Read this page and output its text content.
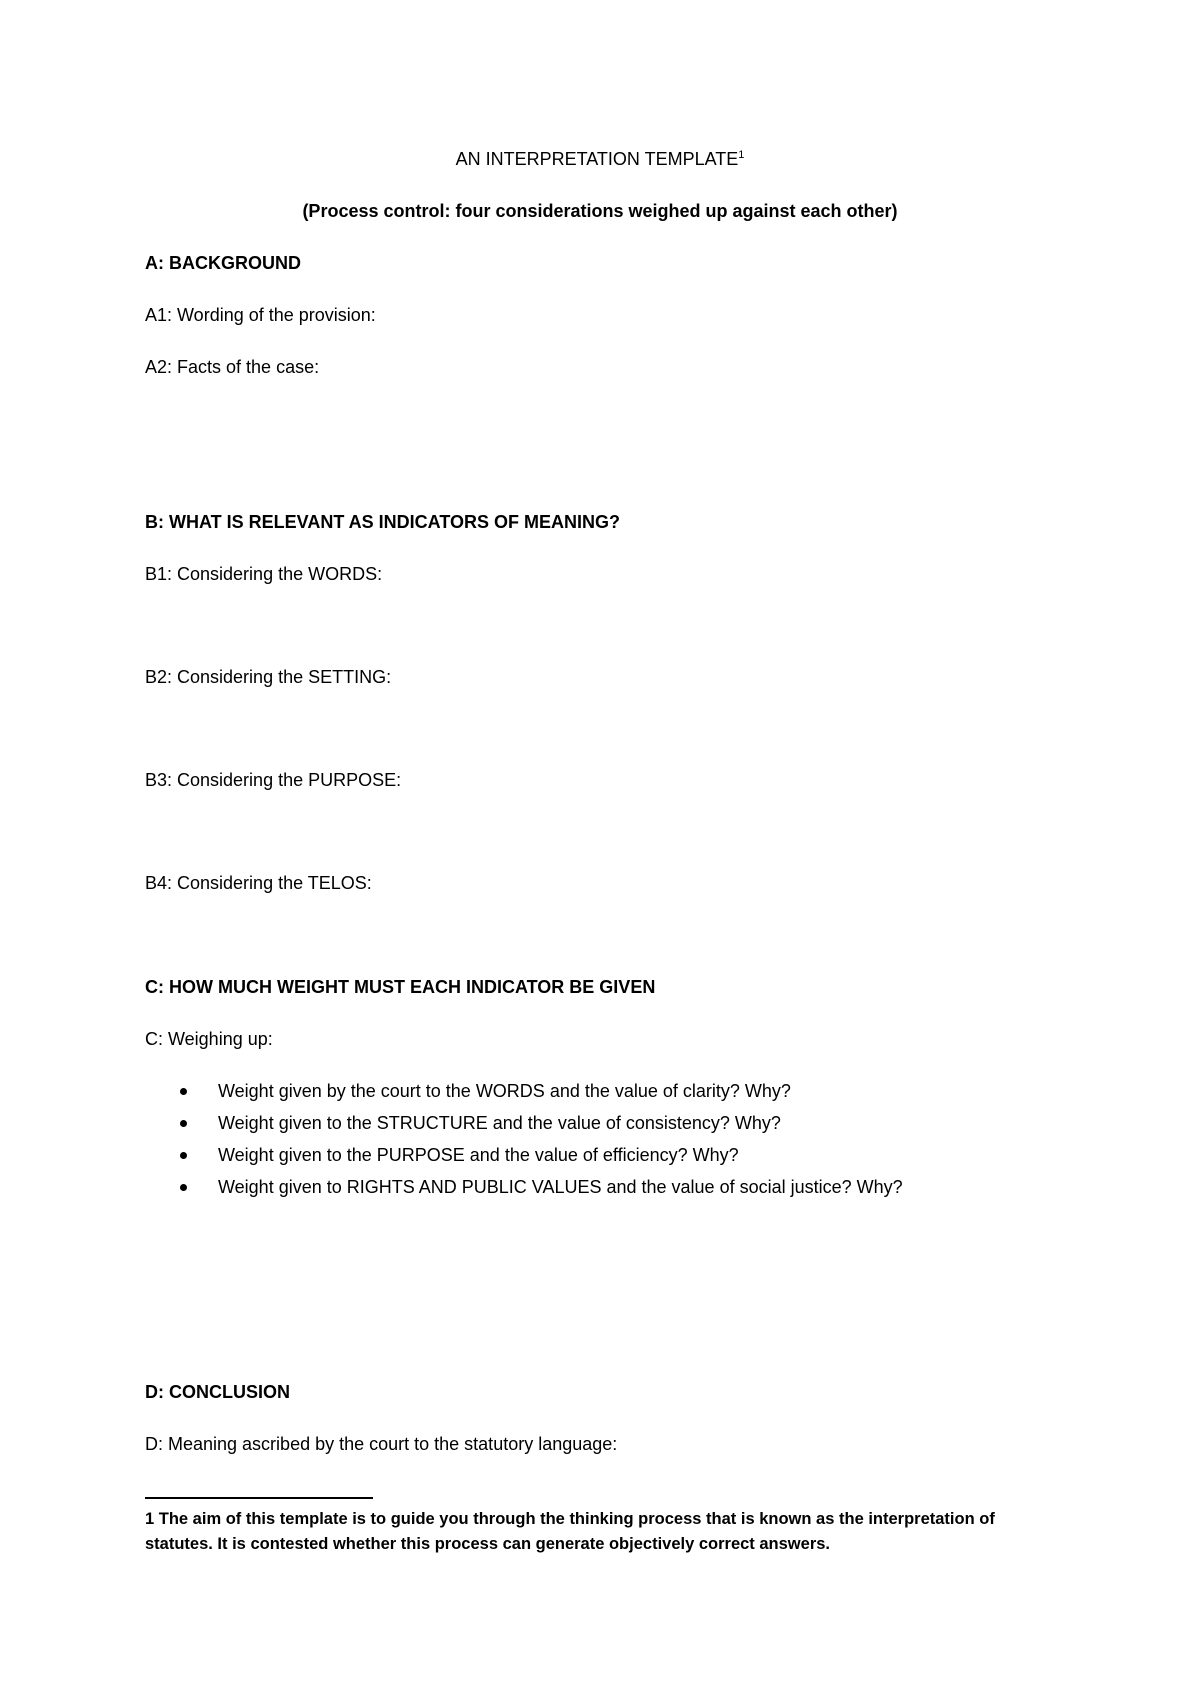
AN INTERPRETATION TEMPLATE$^1$
(Process control: four considerations weighed up against each other)
A: BACKGROUND
A1: Wording of the provision:
A2: Facts of the case:
B: WHAT IS RELEVANT AS INDICATORS OF MEANING?
B1: Considering the WORDS:
B2: Considering the SETTING:
B3: Considering the PURPOSE:
B4: Considering the TELOS:
C: HOW MUCH WEIGHT MUST EACH INDICATOR BE GIVEN
C: Weighing up:
Weight given by the court to the WORDS and the value of clarity? Why?
Weight given to the STRUCTURE and the value of consistency? Why?
Weight given to the PURPOSE and the value of efficiency? Why?
Weight given to RIGHTS AND PUBLIC VALUES and the value of social justice? Why?
D: CONCLUSION
D: Meaning ascribed by the court to the statutory language:
1 The aim of this template is to guide you through the thinking process that is known as the interpretation of statutes. It is contested whether this process can generate objectively correct answers.
